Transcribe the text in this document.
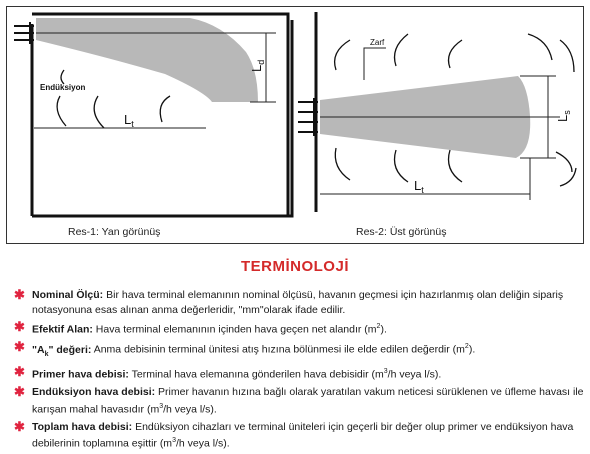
Endüksiyon
$L_t$
$L_d$
Zarf
$L_t$
$L_s$
Res-1: Yan görünüş	Res-2: Üst görünüş
TERMİNOLOJİ
✱ Nominal Ölçü: Bir hava terminal elemanının nominal ölçüsü, havanın geçmesi için hazırlanmış olan deliğin sipariş notasyonuna esas alınan anma değerleridir, "mm"olarak ifade edilir.
✱ Efektif Alan: Hava terminal elemanının içinden hava geçen net alandır $(m^2)$.
✱ "$A_k$" değeri: Anma debisinin terminal ünitesi atış hızına bölünmesi ile elde edilen değerdir $(m^2)$.
✱ Primer hava debisi: Terminal hava elemanına gönderilen hava debisidir ($m^3/h$ veya l/s).
✱ Endüksiyon hava debisi: Primer havanın hızına bağlı olarak yaratılan vakum neticesi sürüklenen ve üfleme havası ile karışan mahal havasıdır ($m^3/h$ veya l/s).
✱ Toplam hava debisi: Endüksiyon cihazları ve terminal üniteleri için geçerli bir değer olup primer ve endüksiyon hava debilerinin toplamına eşittir ($m^3/h$ veya l/s).
